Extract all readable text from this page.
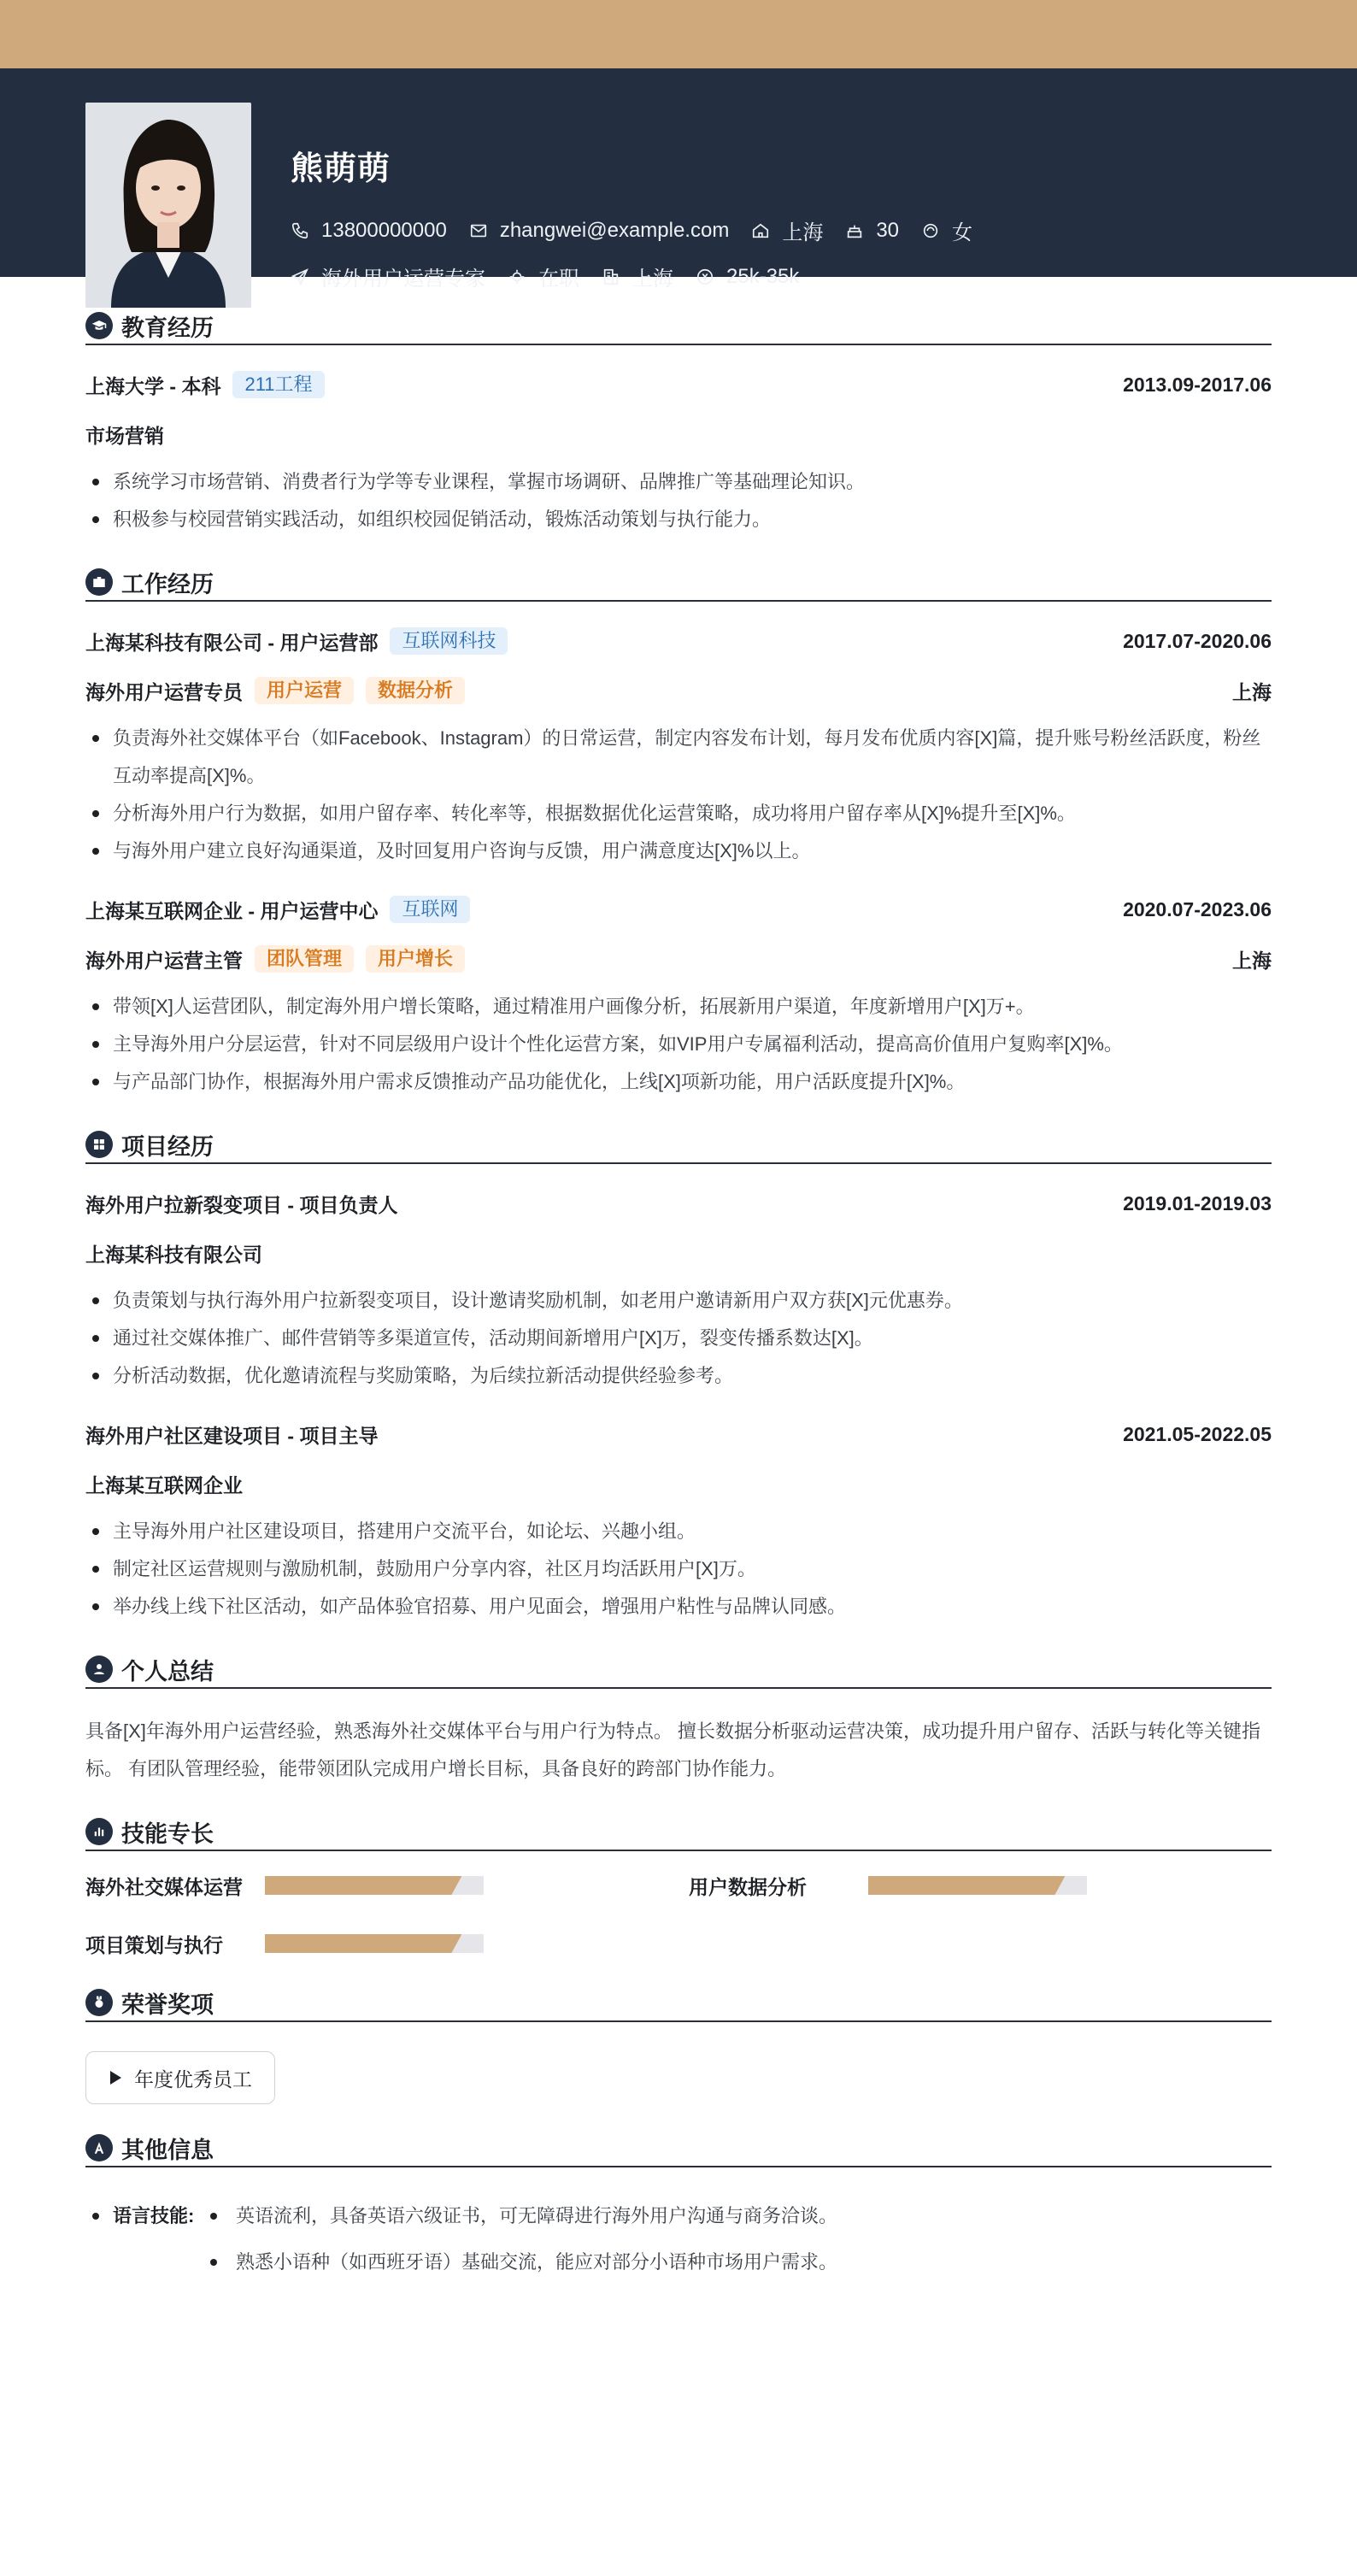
熊萌萌
13800000000	zhangwei@example.com	上海	30	女
海外用户运营专家	在职	上海	25k-35k
教育经历
上海大学 - 本科	211工程	2013.09-2017.06
市场营销
系统学习市场营销、消费者行为学等专业课程，掌握市场调研、品牌推广等基础理论知识。
积极参与校园营销实践活动，如组织校园促销活动，锻炼活动策划与执行能力。
工作经历
上海某科技有限公司 - 用户运营部	互联网科技	2017.07-2020.06
海外用户运营专员	用户运营	数据分析	上海
负责海外社交媒体平台（如Facebook、Instagram）的日常运营，制定内容发布计划，每月发布优质内容[X]篇，提升账号粉丝活跃度，粉丝互动率提高[X]%。
分析海外用户行为数据，如用户留存率、转化率等，根据数据优化运营策略，成功将用户留存率从[X]%提升至[X]%。
与海外用户建立良好沟通渠道，及时回复用户咨询与反馈，用户满意度达[X]%以上。
上海某互联网企业 - 用户运营中心	互联网	2020.07-2023.06
海外用户运营主管	团队管理	用户增长	上海
带领[X]人运营团队，制定海外用户增长策略，通过精准用户画像分析，拓展新用户渠道，年度新增用户[X]万+。
主导海外用户分层运营，针对不同层级用户设计个性化运营方案，如VIP用户专属福利活动，提高高价值用户复购率[X]%。
与产品部门协作，根据海外用户需求反馈推动产品功能优化，上线[X]项新功能，用户活跃度提升[X]%。
项目经历
海外用户拉新裂变项目 - 项目负责人	2019.01-2019.03
上海某科技有限公司
负责策划与执行海外用户拉新裂变项目，设计邀请奖励机制，如老用户邀请新用户双方获[X]元优惠券。
通过社交媒体推广、邮件营销等多渠道宣传，活动期间新增用户[X]万，裂变传播系数达[X]。
分析活动数据，优化邀请流程与奖励策略，为后续拉新活动提供经验参考。
海外用户社区建设项目 - 项目主导	2021.05-2022.05
上海某互联网企业
主导海外用户社区建设项目，搭建用户交流平台，如论坛、兴趣小组。
制定社区运营规则与激励机制，鼓励用户分享内容，社区月均活跃用户[X]万。
举办线上线下社区活动，如产品体验官招募、用户见面会，增强用户粘性与品牌认同感。
个人总结
具备[X]年海外用户运营经验，熟悉海外社交媒体平台与用户行为特点。 擅长数据分析驱动运营决策，成功提升用户留存、活跃与转化等关键指标。 有团队管理经验，能带领团队完成用户增长目标，具备良好的跨部门协作能力。
技能专长
海外社交媒体运营	用户数据分析
项目策划与执行
荣誉奖项
年度优秀员工
其他信息
语言技能:	英语流利，具备英语六级证书，可无障碍进行海外用户沟通与商务洽谈。
熟悉小语种（如西班牙语）基础交流，能应对部分小语种市场用户需求。
